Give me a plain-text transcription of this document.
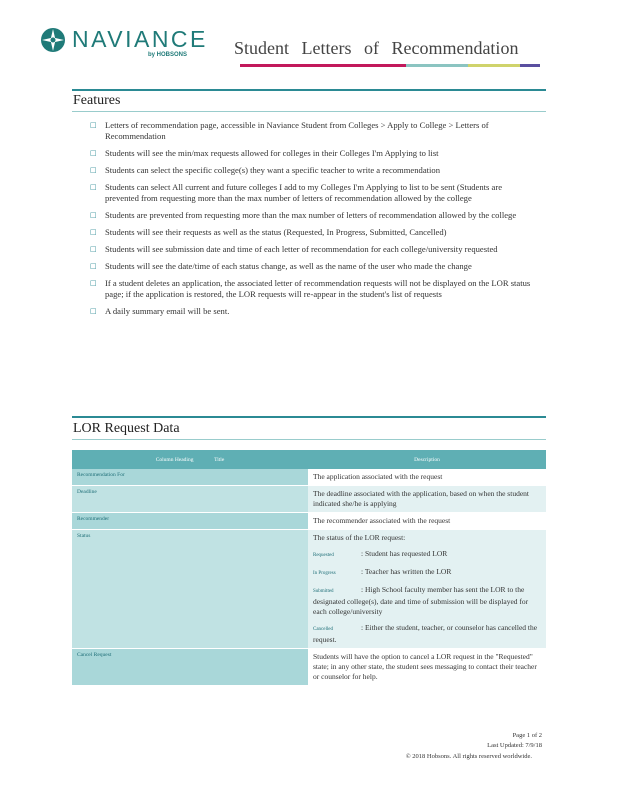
NAVIANCE
by HOBSONS	Student Letters of Recommendation
Features
□ Letters of recommendation page, accessible in Naviance Student from Colleges > Apply to College > Letters of Recommendation
□ Students will see the min/max requests allowed for colleges in their Colleges I'm Applying to list
□ Students can select the specific college(s) they want a specific teacher to write a recommendation
□ Students can select All current and future colleges I add to my Colleges I'm Applying to list to be sent (Students are prevented from requesting more than the max number of letters of recommendation allowed by the college
□ Students are prevented from requesting more than the max number of letters of recommendation allowed by the college
□ Students will see their requests as well as the status (Requested, In Progress, Submitted, Cancelled)
□ Students will see submission date and time of each letter of recommendation for each college/university requested
□ Students will see the date/time of each status change, as well as the name of the user who made the change
□ If a student deletes an application, the associated letter of recommendation requests will not be displayed on the LOR status page; if the application is restored, the LOR requests will re-appear in the student's list of requests
□ A daily summary email will be sent.
LOR Request Data
Column Heading Title	Description
Recommendation For	The application associated with the request
Deadline	The deadline associated with the application, based on when the student indicated she/he is applying
Recommender	The recommender associated with the request
Status	The status of the LOR request:
Requested : Student has requested LOR
In Progress : Teacher has written the LOR
Submitted : High School faculty member has sent the LOR to the designated college(s), date and time of submission will be displayed for each college/university
Cancelled : Either the student, teacher, or counselor has cancelled the request.

Cancel Request	Students will have the option to cancel a LOR request in the "Requested" state; in any other state, the student sees messaging to contact their teacher or counselor for help.
Page 1 of 2
Last Updated: 7/9/18
© 2018 Hobsons. All rights reserved worldwide.
